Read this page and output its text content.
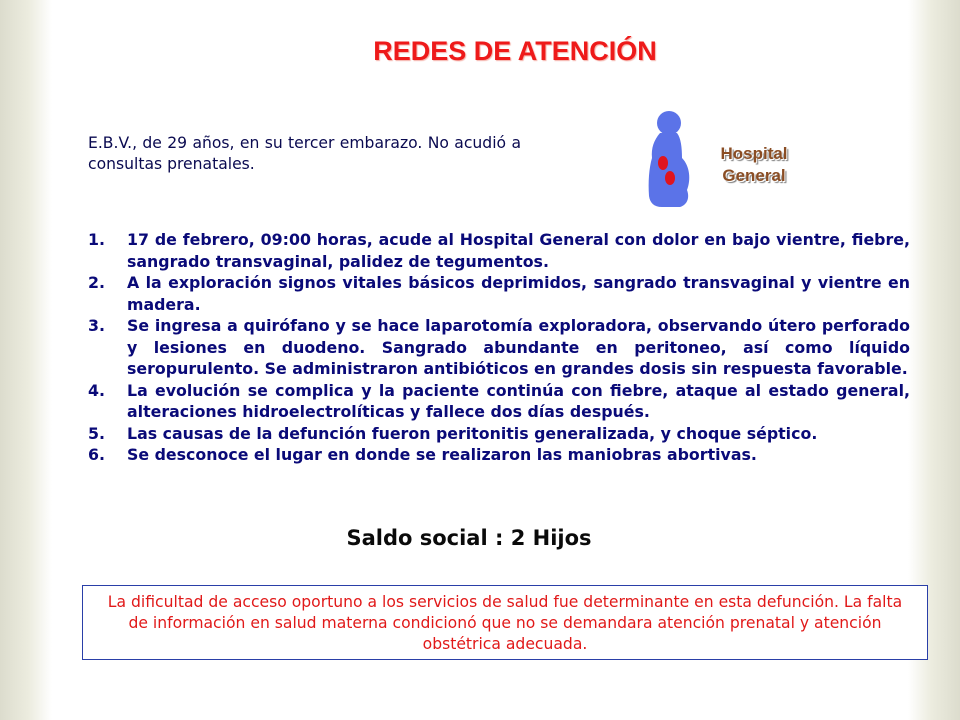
REDES DE ATENCIÓN
E.B.V., de 29 años, en su tercer embarazo. No acudió a consultas prenatales.
Hospital
General
1.	17 de febrero, 09:00 horas, acude al Hospital General con dolor en bajo vientre, fiebre, sangrado transvaginal, palidez de tegumentos.
2.	A la exploración signos vitales básicos deprimidos, sangrado transvaginal y vientre en madera.
3.	Se ingresa a quirófano y se hace laparotomía exploradora, observando útero perforado y lesiones en duodeno. Sangrado abundante en peritoneo, así como líquido seropurulento. Se administraron antibióticos en grandes dosis sin respuesta favorable.
4.	La evolución se complica y la paciente continúa con fiebre, ataque al estado general, alteraciones hidroelectrolíticas y fallece dos días después.
5.	Las causas de la defunción fueron peritonitis generalizada, y choque séptico.
6.	Se desconoce el lugar en donde se realizaron las maniobras abortivas.
Saldo social : 2 Hijos
La dificultad de acceso oportuno a los servicios de salud fue determinante en esta defunción. La falta de información en salud materna condicionó que no se demandara atención prenatal y atención obstétrica adecuada.
